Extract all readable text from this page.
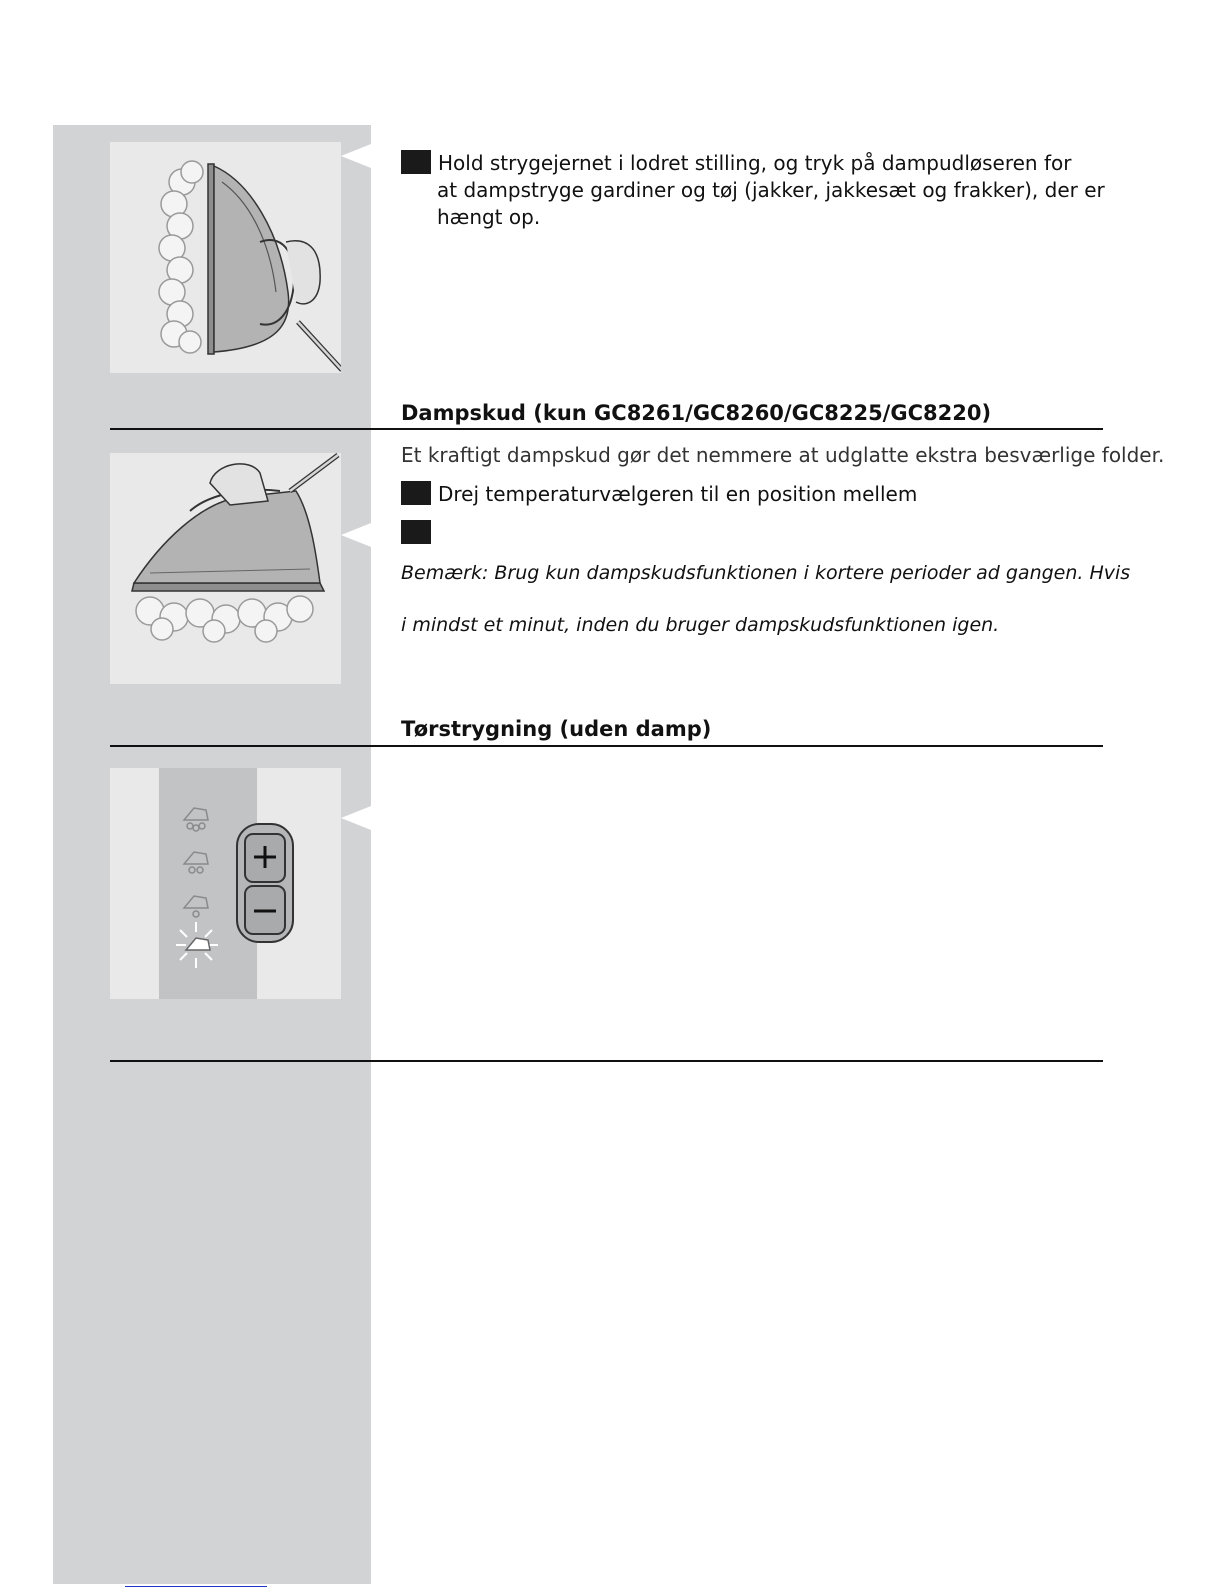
Hold strygejernet i lodret stilling, og tryk på dampudløseren for
at dampstryge gardiner og tøj (jakker, jakkesæt og frakker), der er
hængt op.
Dampskud (kun GC8261/GC8260/GC8225/GC8220)
Et kraftigt dampskud gør det nemmere at udglatte ekstra besværlige folder.
Drej temperaturvælgeren til en position mellem
Bemærk: Brug kun dampskudsfunktionen i kortere perioder ad gangen. Hvis
i mindst et minut, inden du bruger dampskudsfunktionen igen.
Tørstrygning (uden damp)
